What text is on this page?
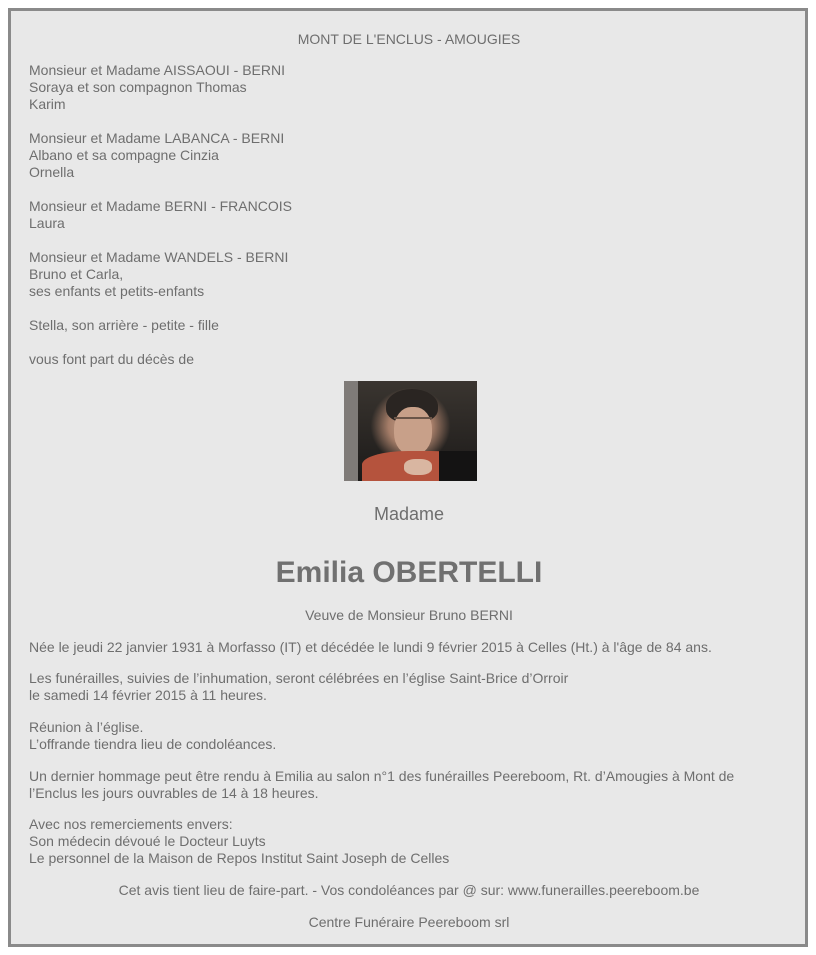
MONT DE L'ENCLUS - AMOUGIES
Monsieur et Madame AISSAOUI - BERNI
Soraya et son compagnon Thomas
Karim
Monsieur et Madame LABANCA - BERNI
Albano et sa compagne Cinzia
Ornella
Monsieur et Madame BERNI - FRANCOIS
Laura
Monsieur et Madame WANDELS - BERNI
Bruno et Carla,
ses enfants et petits-enfants
Stella, son arrière - petite - fille
vous font part du décès de
Madame
Emilia OBERTELLI
Veuve de Monsieur Bruno BERNI
Née le jeudi 22 janvier 1931 à Morfasso (IT) et décédée le lundi 9 février 2015 à Celles (Ht.) à l'âge de 84 ans.
Les funérailles, suivies de l’inhumation, seront célébrées en l’église Saint-Brice d’Orroir
le samedi 14 février 2015 à 11 heures.
Réunion à l’église.
L’offrande tiendra lieu de condoléances.
Un dernier hommage peut être rendu à Emilia au salon n°1 des funérailles Peereboom, Rt. d’Amougies à Mont de
l’Enclus les jours ouvrables de 14 à 18 heures.
Avec nos remerciements envers:
Son médecin dévoué le Docteur Luyts
Le personnel de la Maison de Repos Institut Saint Joseph de Celles
Cet avis tient lieu de faire-part. - Vos condoléances par @ sur: www.funerailles.peereboom.be
Centre Funéraire Peereboom srl
